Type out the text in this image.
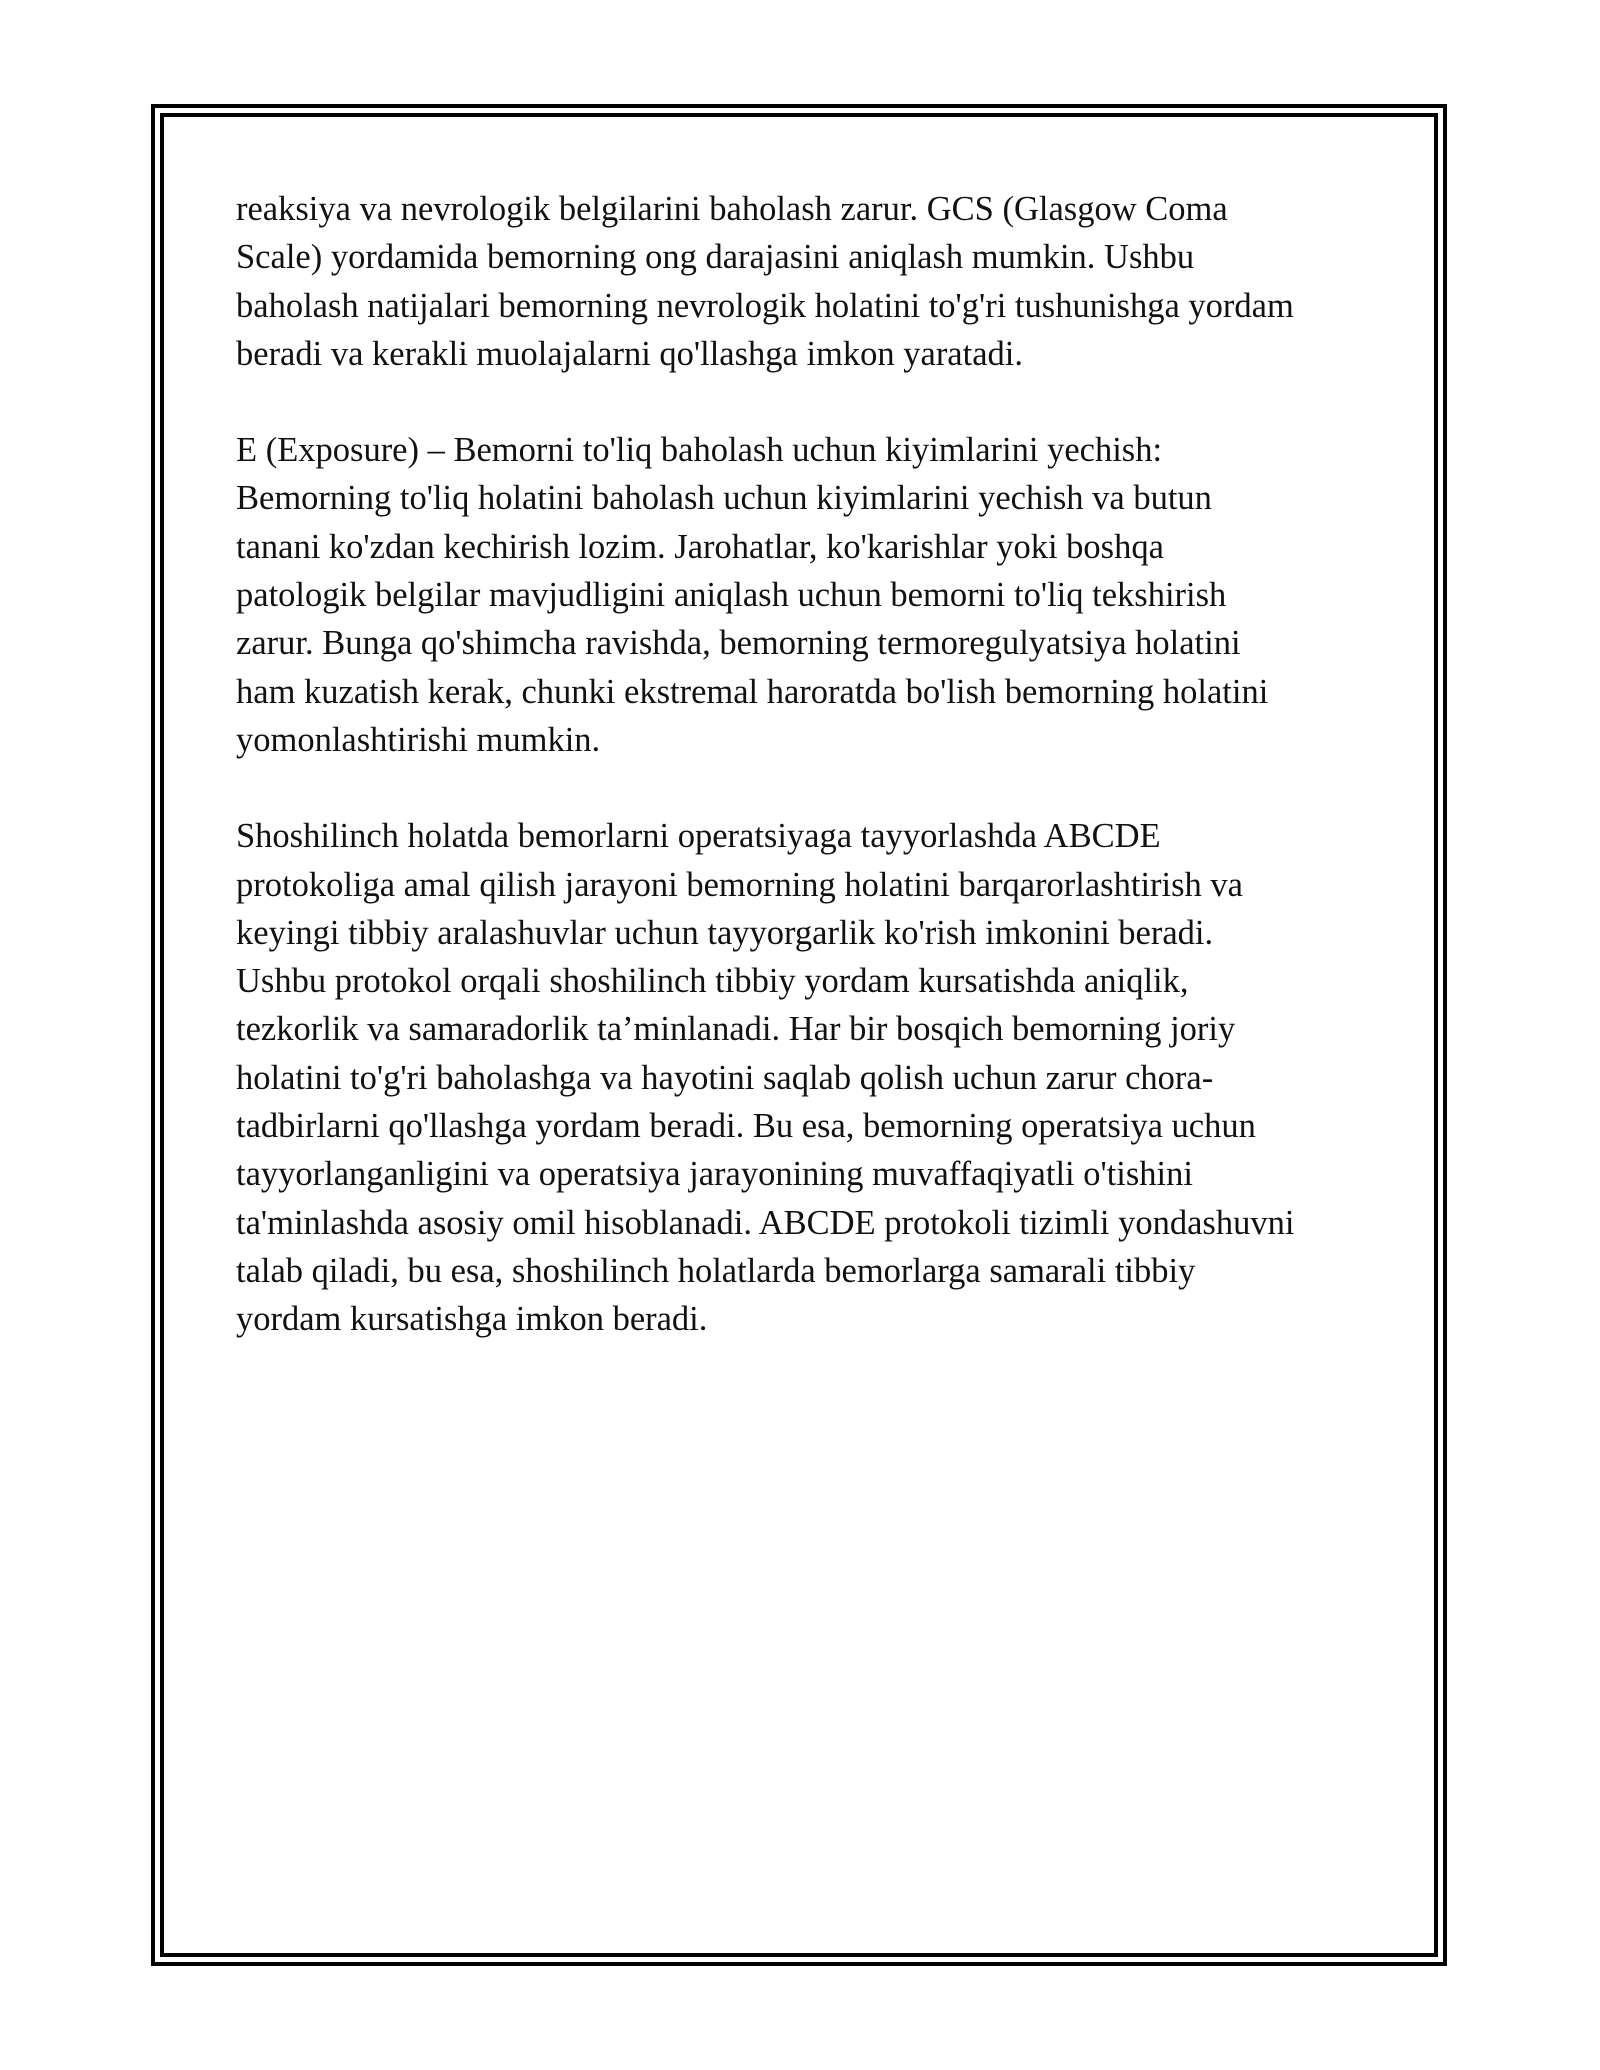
reaksiya va nevrologik belgilarini baholash zarur. GCS (Glasgow Coma
Scale) yordamida bemorning ong darajasini aniqlash mumkin. Ushbu
baholash natijalari bemorning nevrologik holatini to'g'ri tushunishga yordam
beradi va kerakli muolajalarni qo'llashga imkon yaratadi.

E (Exposure) – Bemorni to'liq baholash uchun kiyimlarini yechish:
Bemorning to'liq holatini baholash uchun kiyimlarini yechish va butun
tanani ko'zdan kechirish lozim. Jarohatlar, ko'karishlar yoki boshqa
patologik belgilar mavjudligini aniqlash uchun bemorni to'liq tekshirish
zarur. Bunga qo'shimcha ravishda, bemorning termoregulyatsiya holatini
ham kuzatish kerak, chunki ekstremal haroratda bo'lish bemorning holatini
yomonlashtirishi mumkin.

Shoshilinch holatda bemorlarni operatsiyaga tayyorlashda ABCDE
protokoliga amal qilish jarayoni bemorning holatini barqarorlashtirish va
keyingi tibbiy aralashuvlar uchun tayyorgarlik ko'rish imkonini beradi.
Ushbu protokol orqali shoshilinch tibbiy yordam kursatishda aniqlik,
tezkorlik va samaradorlik ta’minlanadi. Har bir bosqich bemorning joriy
holatini to'g'ri baholashga va hayotini saqlab qolish uchun zarur chora-
tadbirlarni qo'llashga yordam beradi. Bu esa, bemorning operatsiya uchun
tayyorlanganligini va operatsiya jarayonining muvaffaqiyatli o'tishini
ta'minlashda asosiy omil hisoblanadi. ABCDE protokoli tizimli yondashuvni
talab qiladi, bu esa, shoshilinch holatlarda bemorlarga samarali tibbiy
yordam kursatishga imkon beradi.
